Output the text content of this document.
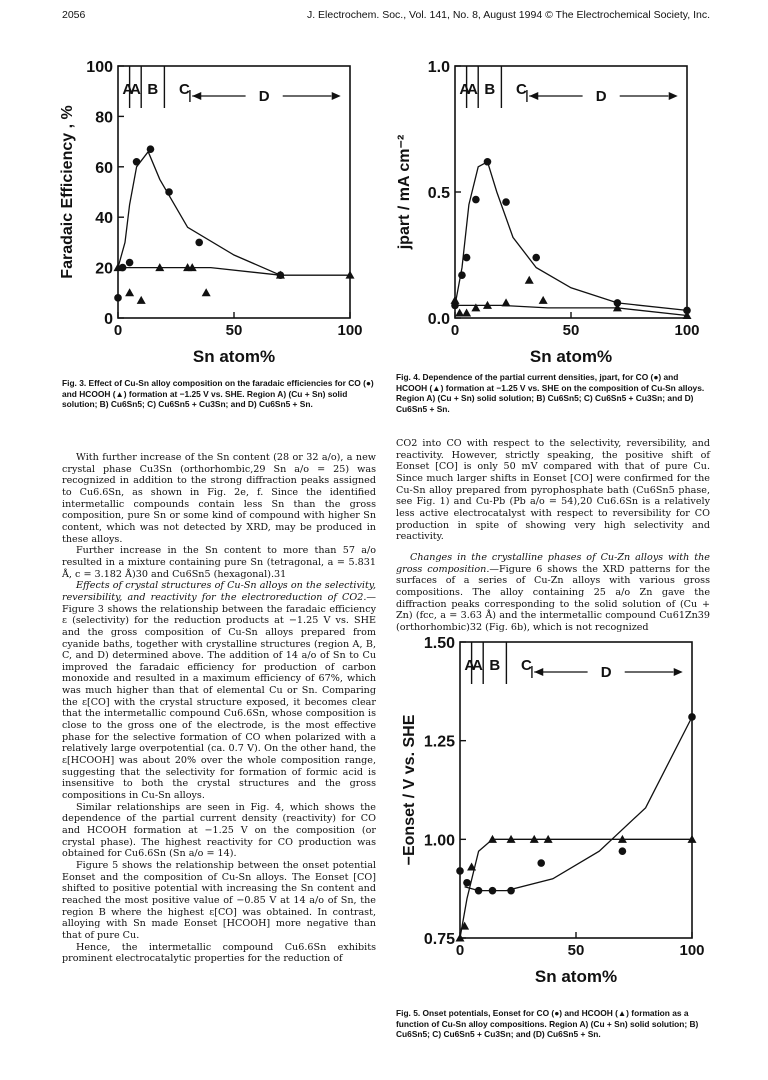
2056	J. Electrochem. Soc., Vol. 141, No. 8, August 1994 © The Electrochemical Society, Inc.
0
20
40
60
80
100
0	50	100
A B
A	C	D
Sn atom%
Faradaic Efficiency , %
Fig. 3. Effect of Cu-Sn alloy composition on the faradaic efficiencies for CO (●) and HCOOH (▲) formation at −1.25 V vs. SHE. Region A) (Cu + Sn) solid solution; B) Cu6Sn5; C) Cu6Sn5 + Cu3Sn; and D) Cu6Sn5 + Sn.
0.0
0.5
1.0
0	50	100
A B
A	C	D
Sn atom%
jpart / mA cm⁻²
Fig. 4. Dependence of the partial current densities, jpart, for CO (●) and HCOOH (▲) formation at −1.25 V vs. SHE on the composition of Cu-Sn alloys. Region A) (Cu + Sn) solid solution; B) Cu6Sn5; C) Cu6Sn5 + Cu3Sn; and D) Cu6Sn5 + Sn.
0.75
1.00
1.25
1.50
0	50	100
A B
A	C	D
Sn atom%
−Eonset / V vs. SHE
Fig. 5. Onset potentials, Eonset for CO (●) and HCOOH (▲) formation as a function of Cu-Sn alloy compositions. Region A) (Cu + Sn) solid solution; B) Cu6Sn5; C) Cu6Sn5 + Cu3Sn; and (D) Cu6Sn5 + Sn.

With further increase of the Sn content (28 or 32 a/o), a new crystal phase Cu3Sn (orthorhombic,29 Sn a/o = 25) was recognized in addition to the strong diffraction peaks assigned to Cu6.6Sn, as shown in Fig. 2e, f. Since the identified intermetallic compounds contain less Sn than the gross composition, pure Sn or some kind of compound with higher Sn content, which was not detected by XRD, may be produced in these alloys.

Further increase in the Sn content to more than 57 a/o resulted in a mixture containing pure Sn (tetragonal, a = 5.831 Å, c = 3.182 Å)30 and Cu6Sn5 (hexagonal).31

Effects of crystal structures of Cu-Sn alloys on the selectivity, reversibility, and reactivity for the electroreduction of CO2.—Figure 3 shows the relationship between the faradaic efficiency ε (selectivity) for the reduction products at −1.25 V vs. SHE and the gross composition of Cu-Sn alloys prepared from cyanide baths, together with crystalline structures (region A, B, C, and D) determined above. The addition of 14 a/o of Sn to Cu improved the faradaic efficiency for production of carbon monoxide and resulted in a maximum efficiency of 67%, which was much higher than that of elemental Cu or Sn. Comparing the ε[CO] with the crystal structure exposed, it becomes clear that the intermetallic compound Cu6.6Sn, whose composition is close to the gross one of the electrode, is the most effective phase for the selective formation of CO when polarized with a relatively large overpotential (ca. 0.7 V). On the other hand, the ε[HCOOH] was about 20% over the whole composition range, suggesting that the selectivity for formation of formic acid is insensitive to both the crystal structures and the gross compositions in Cu-Sn alloys.

Similar relationships are seen in Fig. 4, which shows the dependence of the partial current density (reactivity) for CO and HCOOH formation at −1.25 V on the composition (or crystal phase). The highest reactivity for CO production was obtained for Cu6.6Sn (Sn a/o = 14).

Figure 5 shows the relationship between the onset potential Eonset and the composition of Cu-Sn alloys. The Eonset [CO] shifted to positive potential with increasing the Sn content and reached the most positive value of −0.85 V at 14 a/o of Sn, the region B where the highest ε[CO] was obtained. In contrast, alloying with Sn made Eonset [HCOOH] more negative than that of pure Cu.

Hence, the intermetallic compound Cu6.6Sn exhibits prominent electrocatalytic properties for the reduction of

CO2 into CO with respect to the selectivity, reversibility, and reactivity. However, strictly speaking, the positive shift of Eonset [CO] is only 50 mV compared with that of pure Cu. Since much larger shifts in Eonset [CO] were confirmed for the Cu-Sn alloy prepared from pyrophosphate bath (Cu6Sn5 phase, see Fig. 1) and Cu-Pb (Pb a/o = 54),20 Cu6.6Sn is a relatively less active electrocatalyst with respect to reversibility for CO production in spite of showing very high selectivity and reactivity.

Changes in the crystalline phases of Cu-Zn alloys with the gross composition.—Figure 6 shows the XRD patterns for the surfaces of a series of Cu-Zn alloys with various gross compositions. The alloy containing 25 a/o Zn gave the diffraction peaks corresponding to the solid solution of (Cu + Zn) (fcc, a = 3.63 Å) and the intermetallic compound Cu61Zn39 (orthorhombic)32 (Fig. 6b), which is not recognized
